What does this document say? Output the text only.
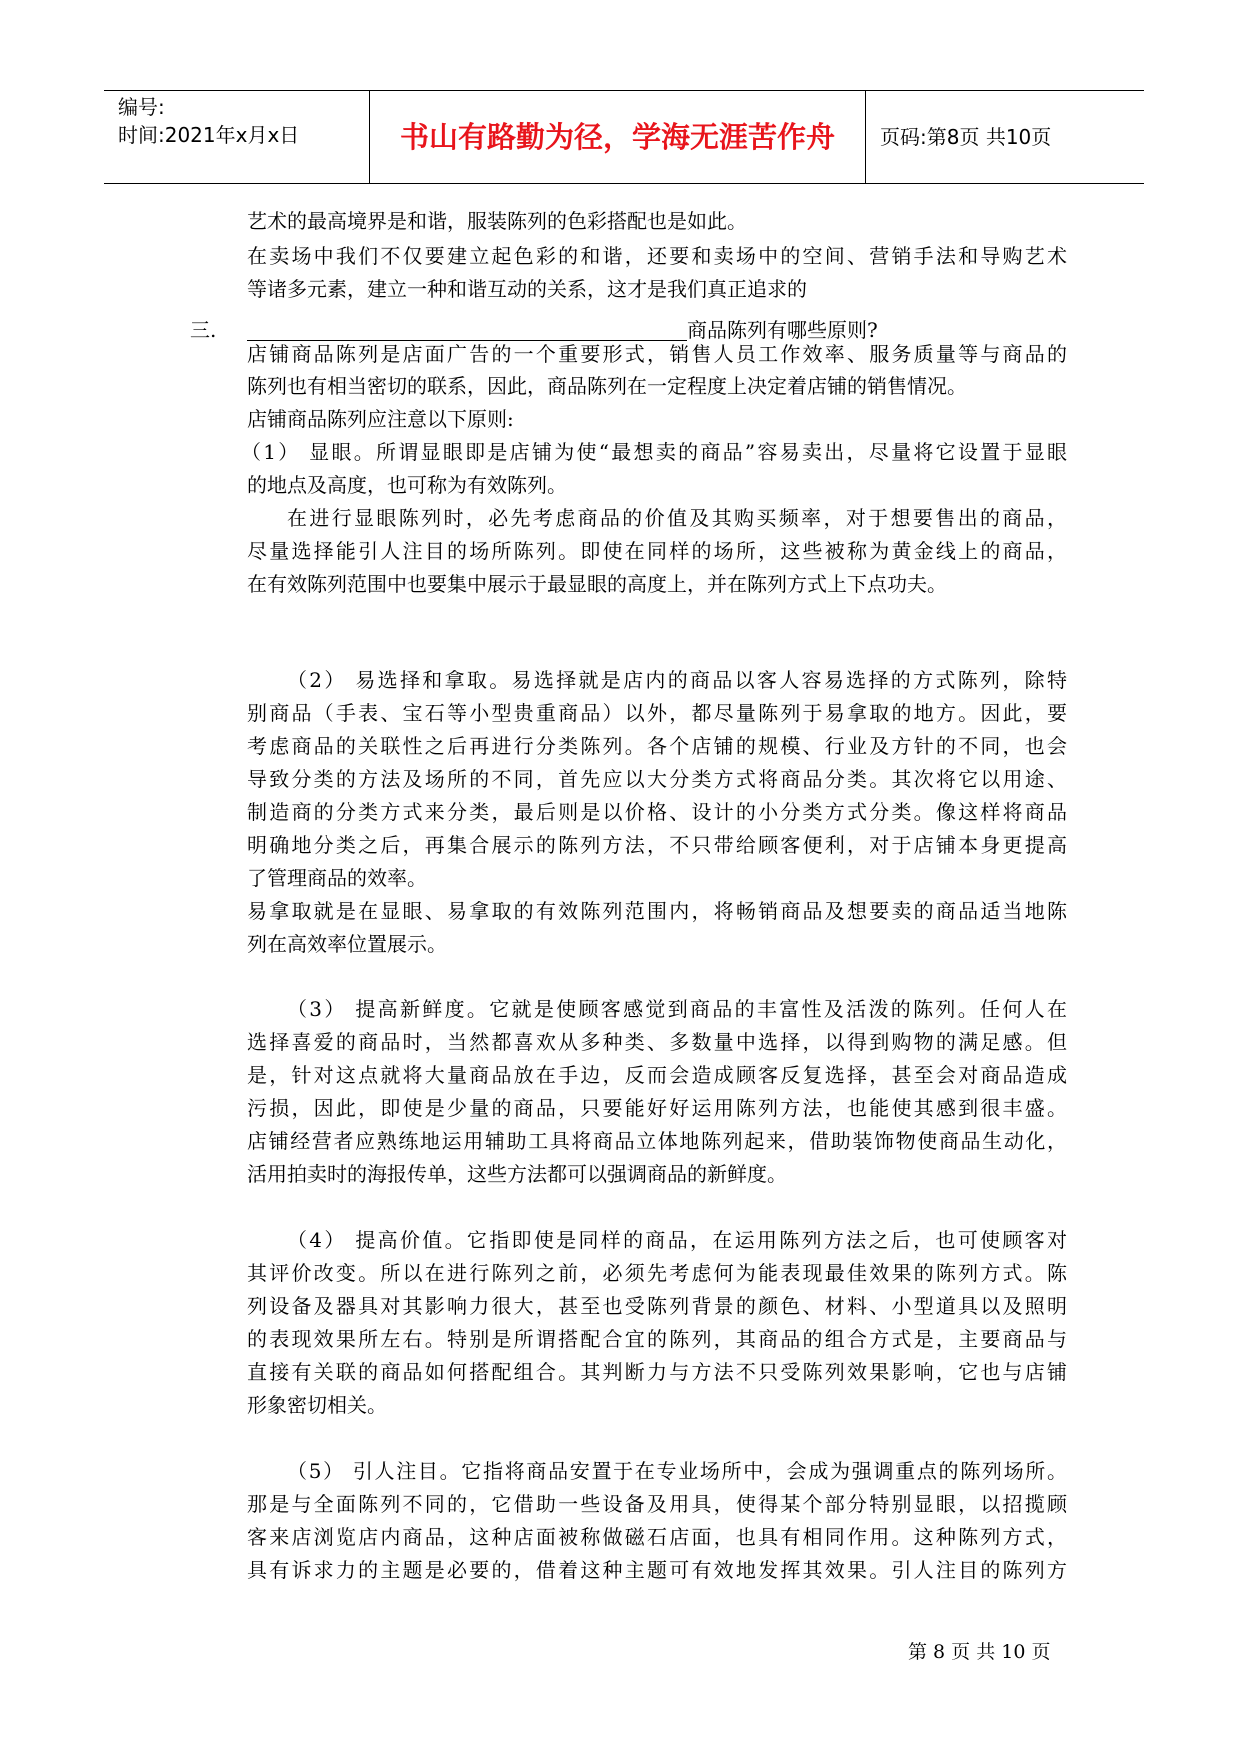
编号:
时间:2021年x月x日	书山有路勤为径，学海无涯苦作舟	页码:第8页 共10页
艺术的最高境界是和谐，服装陈列的色彩搭配也是如此。
在卖场中我们不仅要建立起色彩的和谐，还要和卖场中的空间、营销手法和导购艺术
等诸多元素，建立一种和谐互动的关系，这才是我们真正追求的
店铺商品陈列是店面广告的一个重要形式，销售人员工作效率、服务质量等与商品的
陈列也有相当密切的联系，因此，商品陈列在一定程度上决定着店铺的销售情况。
店铺商品陈列应注意以下原则:
（1） 显眼。所谓显眼即是店铺为使“最想卖的商品”容易卖出，尽量将它设置于显眼
的地点及高度，也可称为有效陈列。
在进行显眼陈列时，必先考虑商品的价值及其购买频率，对于想要售出的商品，
尽量选择能引人注目的场所陈列。即使在同样的场所，这些被称为黄金线上的商品，
在有效陈列范围中也要集中展示于最显眼的高度上，并在陈列方式上下点功夫。
（2） 易选择和拿取。易选择就是店内的商品以客人容易选择的方式陈列，除特
别商品（手表、宝石等小型贵重商品）以外，都尽量陈列于易拿取的地方。因此，要
考虑商品的关联性之后再进行分类陈列。各个店铺的规模、行业及方针的不同，也会
导致分类的方法及场所的不同，首先应以大分类方式将商品分类。其次将它以用途、
制造商的分类方式来分类，最后则是以价格、设计的小分类方式分类。像这样将商品
明确地分类之后，再集合展示的陈列方法，不只带给顾客便利，对于店铺本身更提高
了管理商品的效率。
易拿取就是在显眼、易拿取的有效陈列范围内，将畅销商品及想要卖的商品适当地陈
列在高效率位置展示。
（3） 提高新鲜度。它就是使顾客感觉到商品的丰富性及活泼的陈列。任何人在
选择喜爱的商品时，当然都喜欢从多种类、多数量中选择，以得到购物的满足感。但
是，针对这点就将大量商品放在手边，反而会造成顾客反复选择，甚至会对商品造成
污损，因此，即使是少量的商品，只要能好好运用陈列方法，也能使其感到很丰盛。
店铺经营者应熟练地运用辅助工具将商品立体地陈列起来，借助装饰物使商品生动化，
活用拍卖时的海报传单，这些方法都可以强调商品的新鲜度。
（4） 提高价值。它指即使是同样的商品，在运用陈列方法之后，也可使顾客对
其评价改变。所以在进行陈列之前，必须先考虑何为能表现最佳效果的陈列方式。陈
列设备及器具对其影响力很大，甚至也受陈列背景的颜色、材料、小型道具以及照明
的表现效果所左右。特别是所谓搭配合宜的陈列，其商品的组合方式是，主要商品与
直接有关联的商品如何搭配组合。其判断力与方法不只受陈列效果影响，它也与店铺
形象密切相关。
（5） 引人注目。它指将商品安置于在专业场所中，会成为强调重点的陈列场所。
那是与全面陈列不同的，它借助一些设备及用具，使得某个部分特别显眼，以招揽顾
客来店浏览店内商品，这种店面被称做磁石店面，也具有相同作用。这种陈列方式，
具有诉求力的主题是必要的，借着这种主题可有效地发挥其效果。引人注目的陈列方
三.	商品陈列有哪些原则?
第 8 页 共 10 页
